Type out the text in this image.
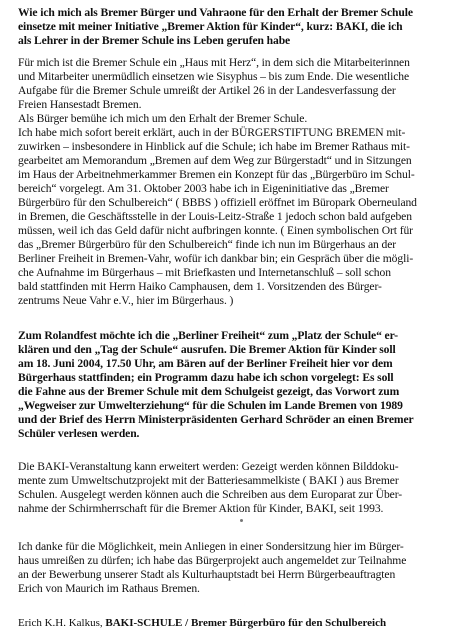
Wie ich mich als Bremer Bürger und Vahraone für den Erhalt der Bremer Schule
einsetze mit meiner Initiative „Bremer Aktion für Kinder“, kurz: BAKI, die ich
als Lehrer in der Bremer Schule ins Leben gerufen habe
Für mich ist die Bremer Schule ein „Haus mit Herz“, in dem sich die Mitarbeiterinnen
und Mitarbeiter unermüdlich einsetzen wie Sisyphus – bis zum Ende. Die wesentliche
Aufgabe für die Bremer Schule umreißt der Artikel 26 in der Landesverfassung der
Freien Hansestadt Bremen.
Als Bürger bemühe ich mich um den Erhalt der Bremer Schule.
Ich habe mich sofort bereit erklärt, auch in der BÜRGERSTIFTUNG BREMEN mit-
zuwirken – insbesondere in Hinblick auf die Schule; ich habe im Bremer Rathaus mit-
gearbeitet am Memorandum „Bremen auf dem Weg zur Bürgerstadt“ und in Sitzungen
im Haus der Arbeitnehmerkammer Bremen ein Konzept für das „Bürgerbüro im Schul-
bereich“ vorgelegt. Am 31. Oktober 2003 habe ich in Eigeninitiative das „Bremer
Bürgerbüro für den Schulbereich“ ( BBBS ) offiziell eröffnet im Büropark Oberneuland
in Bremen, die Geschäftsstelle in der Louis-Leitz-Straße 1 jedoch schon bald aufgeben
müssen, weil ich das Geld dafür nicht aufbringen konnte. ( Einen symbolischen Ort für
das „Bremer Bürgerbüro für den Schulbereich“ finde ich nun im Bürgerhaus an der
Berliner Freiheit in Bremen-Vahr, wofür ich dankbar bin; ein Gespräch über die mögli-
che Aufnahme im Bürgerhaus – mit Briefkasten und Internetanschluß – soll schon
bald stattfinden mit Herrn Haiko Camphausen, dem 1. Vorsitzenden des Bürger-
zentrums Neue Vahr e.V., hier im Bürgerhaus. )
Zum Rolandfest möchte ich die „Berliner Freiheit“ zum „Platz der Schule“ er-
klären und den „Tag der Schule“ ausrufen. Die Bremer Aktion für Kinder soll
am 18. Juni 2004, 17.50 Uhr, am Bären auf der Berliner Freiheit hier vor dem
Bürgerhaus stattfinden; ein Programm dazu habe ich schon vorgelegt: Es soll
die Fahne aus der Bremer Schule mit dem Schulgeist gezeigt, das Vorwort zum
„Wegweiser zur Umwelterziehung“ für die Schulen im Lande Bremen von 1989
und der Brief des Herrn Ministerpräsidenten Gerhard Schröder an einen Bremer
Schüler verlesen werden.
Die BAKI-Veranstaltung kann erweitert werden: Gezeigt werden können Bilddoku-
mente zum Umweltschutzprojekt mit der Batteriesammelkiste ( BAKI ) aus Bremer
Schulen. Ausgelegt werden können auch die Schreiben aus dem Europarat zur Über-
nahme der Schirmherrschaft für die Bremer Aktion für Kinder, BAKI, seit 1993.
Ich danke für die Möglichkeit, mein Anliegen in einer Sondersitzung hier im Bürger-
haus umreißen zu dürfen; ich habe das Bürgerprojekt auch angemeldet zur Teilnahme
an der Bewerbung unserer Stadt als Kulturhauptstadt bei Herrn Bürgerbeauftragten
Erich von Maurich im Rathaus Bremen.
Erich K.H. Kalkus, BAKI-SCHULE / Bremer Bürgerbüro für den Schulbereich
